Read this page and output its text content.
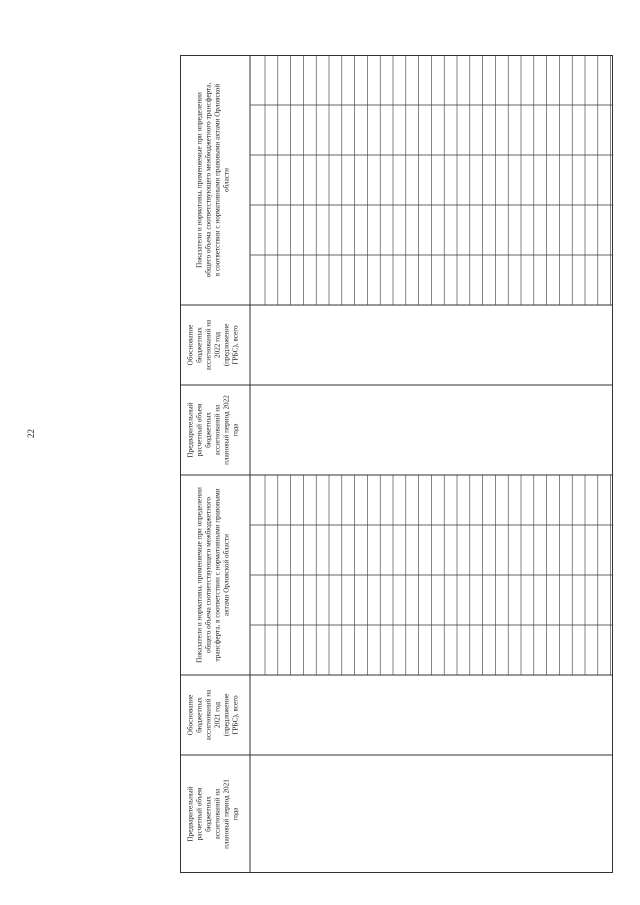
22
Предварительный расчетный объем бюджетных ассигнований на плановый период 2021 года
Обоснование бюджетных ассигнований на 2021 год (предложение ГРБС), всего
Показатели и нормативы, применяемые при определении общего объема соответствующего межбюджетного трансферта, в соответствии с нормативными правовыми актами Орловской области
Предварительный расчетный объем бюджетных ассигнований на плановый период 2022 года
Обоснование бюджетных ассигнований на 2022 год (предложение ГРБС), всего
Показатели и нормативы, применяемые при определении общего объема соответствующего межбюджетного трансферта, в соответствии с нормативными правовыми актами Орловской области
